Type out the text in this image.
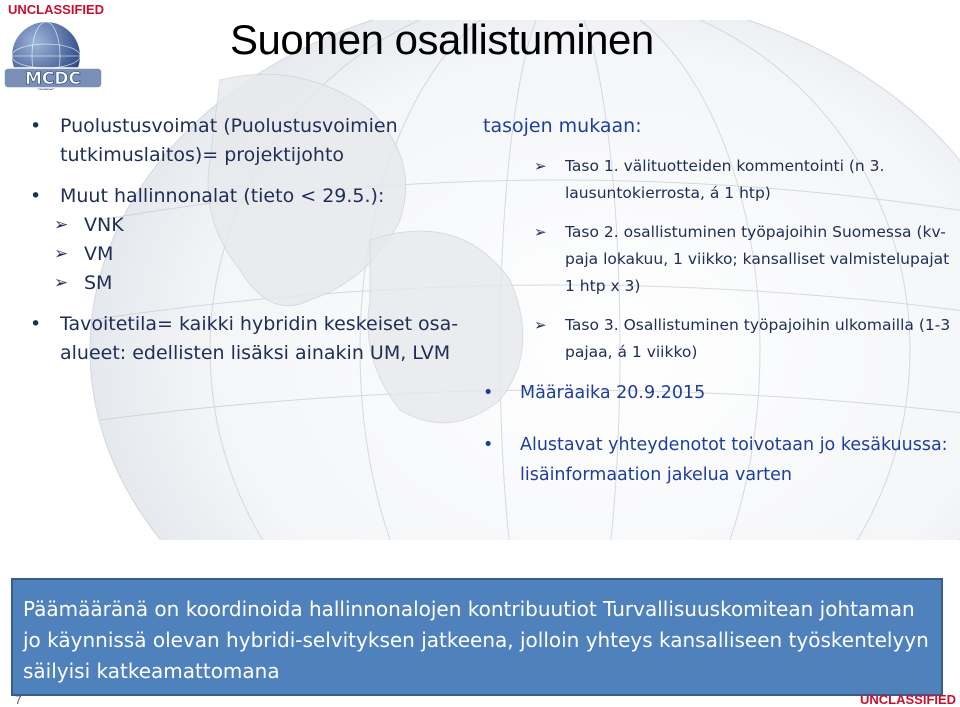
UNCLASSIFIED
MCDC
Suomen osallistuminen
• Puolustusvoimat (Puolustusvoimien tutkimuslaitos)= projektijohto
• Muut hallinnonalat (tieto < 29.5.):
➢ VNK
➢ VM
➢ SM
• Tavoitetila= kaikki hybridin keskeiset osa-alueet: edellisten lisäksi ainakin UM, LVM
tasojen mukaan:
➢ Taso 1. välituotteiden kommentointi (n 3. lausuntokierrosta, á 1 htp)
➢ Taso 2. osallistuminen työpajoihin Suomessa (kv-paja lokakuu, 1 viikko; kansalliset valmistelupajat 1 htp x 3)
➢ Taso 3. Osallistuminen työpajoihin ulkomailla (1-3 pajaa, á 1 viikko)
• Määräaika 20.9.2015
• Alustavat yhteydenotot toivotaan jo kesäkuussa: lisäinformaation jakelua varten
Päämääränä on koordinoida hallinnonalojen kontribuutiot Turvallisuuskomitean johtaman jo käynnissä olevan hybridi-selvityksen jatkeena, jolloin yhteys kansalliseen työskentelyyn säilyisi katkeamattomana
7	UNCLASSIFIED
